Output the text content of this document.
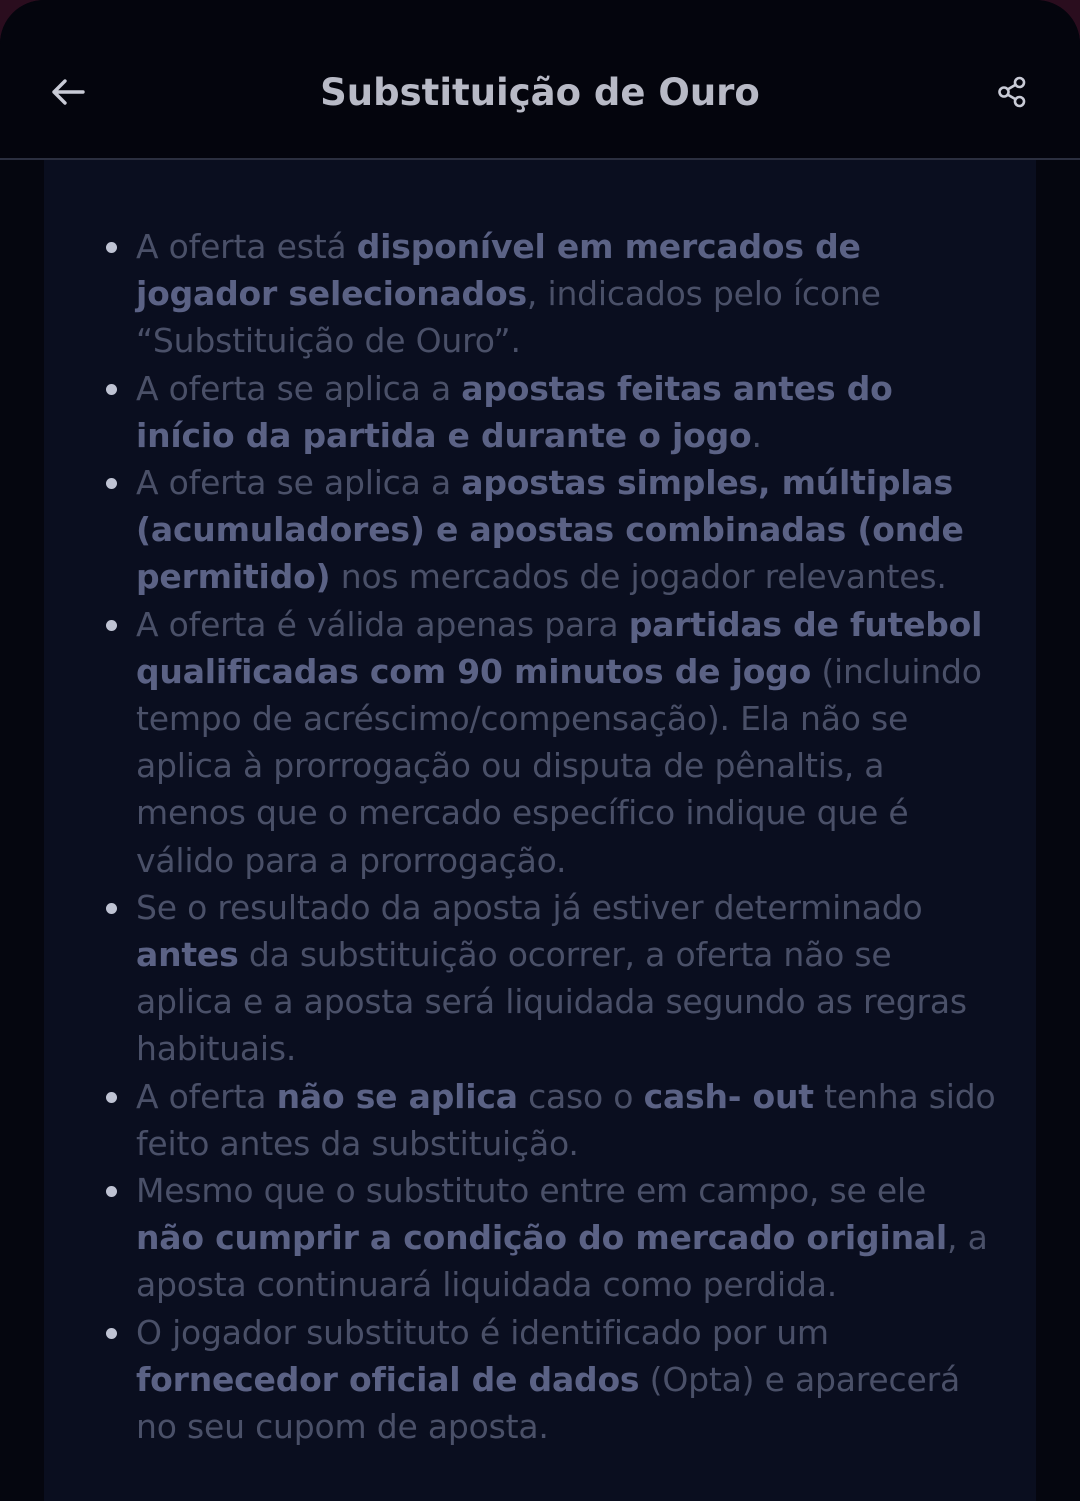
Substituição de Ouro
A oferta está disponível em mercados de jogador selecionados, indicados pelo ícone “Substituição de Ouro”.
A oferta se aplica a apostas feitas antes do início da partida e durante o jogo.
A oferta se aplica a apostas simples, múltiplas (acumuladores) e apostas combinadas (onde permitido) nos mercados de jogador relevantes.
A oferta é válida apenas para partidas de futebol qualificadas com 90 minutos de jogo (incluindo tempo de acréscimo/compensação). Ela não se aplica à prorrogação ou disputa de pênaltis, a menos que o mercado específico indique que é válido para a prorrogação.
Se o resultado da aposta já estiver determinado antes da substituição ocorrer, a oferta não se aplica e a aposta será liquidada segundo as regras habituais.
A oferta não se aplica caso o cash- out tenha sido feito antes da substituição.
Mesmo que o substituto entre em campo, se ele não cumprir a condição do mercado original, a aposta continuará liquidada como perdida.
O jogador substituto é identificado por um fornecedor oficial de dados (Opta) e aparecerá no seu cupom de aposta.
